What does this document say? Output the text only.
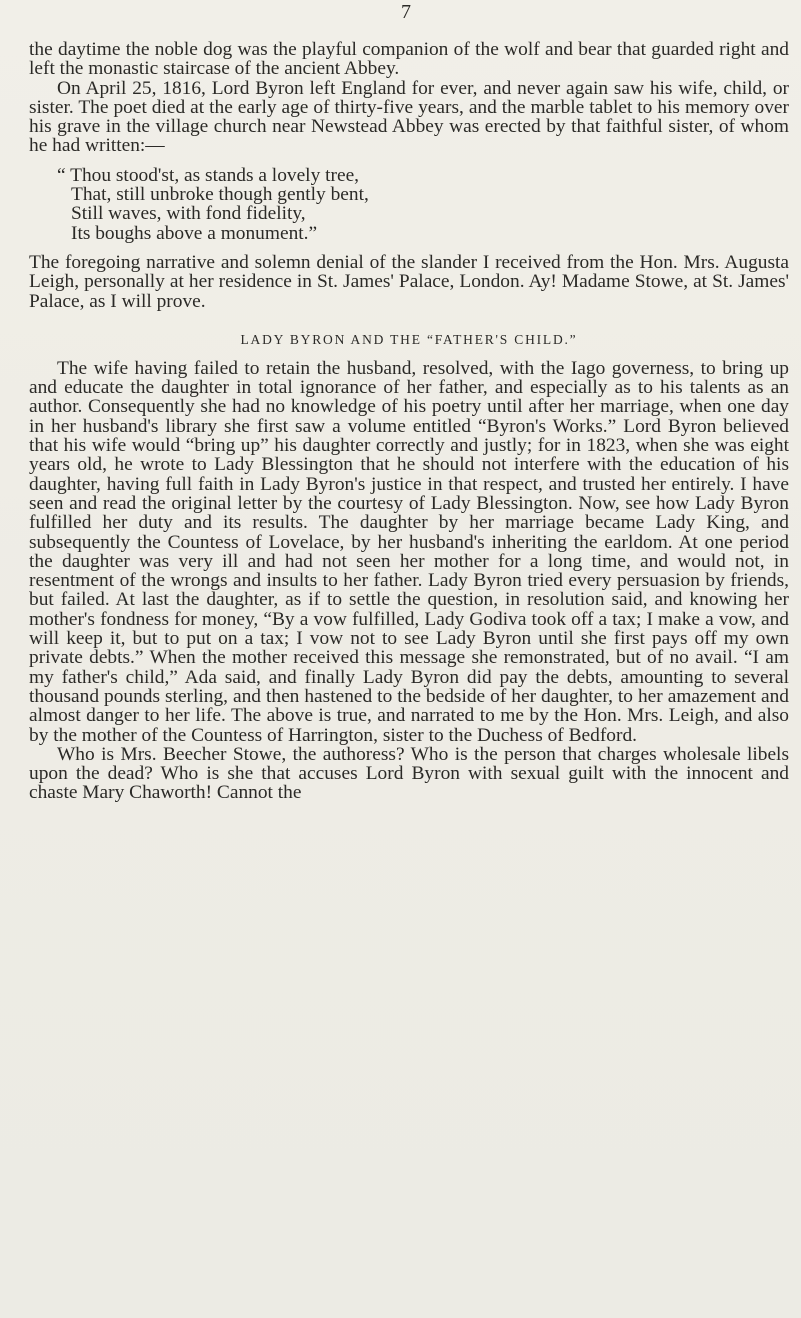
7

the daytime the noble dog was the playful companion of the wolf and bear that guarded right and left the monastic staircase of the ancient Abbey.

On April 25, 1816, Lord Byron left England for ever, and never again saw his wife, child, or sister. The poet died at the early age of thirty-five years, and the marble tablet to his memory over his grave in the village church near Newstead Abbey was erected by that faithful sister, of whom he had written:—

“ Thou stood'st, as stands a lovely tree,
That, still unbroke though gently bent,
Still waves, with fond fidelity,
Its boughs above a monument.”

The foregoing narrative and solemn denial of the slander I received from the Hon. Mrs. Augusta Leigh, personally at her residence in St. James' Palace, London. Ay! Madame Stowe, at St. James' Palace, as I will prove.

LADY BYRON AND THE “FATHER'S CHILD.”

The wife having failed to retain the husband, resolved, with the Iago governess, to bring up and educate the daughter in total ignorance of her father, and especially as to his talents as an author. Consequently she had no knowledge of his poetry until after her marriage, when one day in her husband's library she first saw a volume entitled “Byron's Works.” Lord Byron believed that his wife would “bring up” his daughter correctly and justly; for in 1823, when she was eight years old, he wrote to Lady Blessington that he should not interfere with the education of his daughter, having full faith in Lady Byron's justice in that respect, and trusted her entirely. I have seen and read the original letter by the courtesy of Lady Blessington. Now, see how Lady Byron fulfilled her duty and its results. The daughter by her marriage became Lady King, and subsequently the Countess of Lovelace, by her husband's inheriting the earldom. At one period the daughter was very ill and had not seen her mother for a long time, and would not, in resentment of the wrongs and insults to her father. Lady Byron tried every persuasion by friends, but failed. At last the daughter, as if to settle the question, in resolution said, and knowing her mother's fondness for money, “By a vow fulfilled, Lady Godiva took off a tax; I make a vow, and will keep it, but to put on a tax; I vow not to see Lady Byron until she first pays off my own private debts.” When the mother received this message she remonstrated, but of no avail. “I am my father's child,” Ada said, and finally Lady Byron did pay the debts, amounting to several thousand pounds sterling, and then hastened to the bedside of her daughter, to her amazement and almost danger to her life. The above is true, and narrated to me by the Hon. Mrs. Leigh, and also by the mother of the Countess of Harrington, sister to the Duchess of Bedford.

Who is Mrs. Beecher Stowe, the authoress? Who is the person that charges wholesale libels upon the dead? Who is she that accuses Lord Byron with sexual guilt with the innocent and chaste Mary Chaworth! Cannot the
